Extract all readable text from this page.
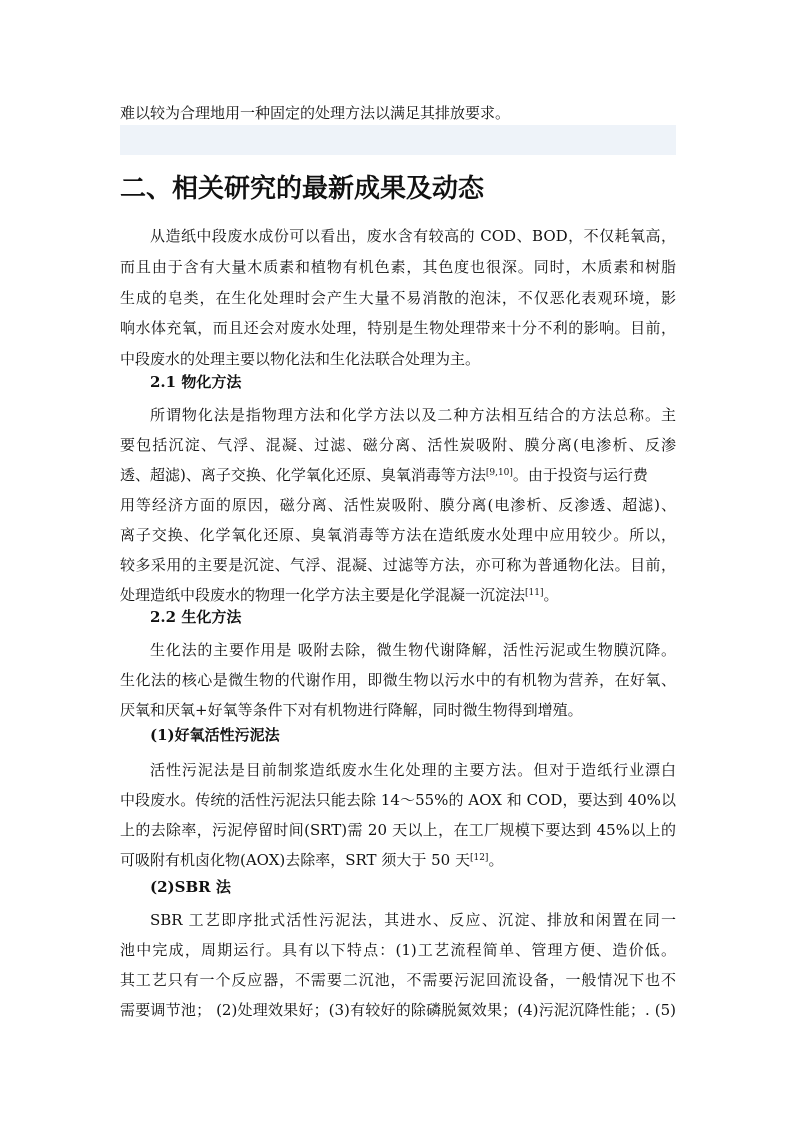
难以较为合理地用一种固定的处理方法以满足其排放要求。
二、相关研究的最新成果及动态
从造纸中段废水成份可以看出，废水含有较高的 COD、BOD，不仅耗氧高，
而且由于含有大量木质素和植物有机色素，其色度也很深。同时，木质素和树脂
生成的皂类，在生化处理时会产生大量不易消散的泡沫，不仅恶化表观环境，影
响水体充氧，而且还会对废水处理，特别是生物处理带来十分不利的影响。目前，
中段废水的处理主要以物化法和生化法联合处理为主。
2.1 物化方法
所谓物化法是指物理方法和化学方法以及二种方法相互结合的方法总称。主
要包括沉淀、气浮、混凝、过滤、磁分离、活性炭吸附、膜分离(电渗析、反渗
透、超滤)、离子交换、化学氧化还原、臭氧消毒等方法[9,10]。由于投资与运行费
用等经济方面的原因，磁分离、活性炭吸附、膜分离(电渗析、反渗透、超滤)、
离子交换、化学氧化还原、臭氧消毒等方法在造纸废水处理中应用较少。所以，
较多采用的主要是沉淀、气浮、混凝、过滤等方法，亦可称为普通物化法。目前，
处理造纸中段废水的物理一化学方法主要是化学混凝一沉淀法[11]。
2.2 生化方法
生化法的主要作用是 吸附去除，微生物代谢降解，活性污泥或生物膜沉降。
生化法的核心是微生物的代谢作用，即微生物以污水中的有机物为营养，在好氧、
厌氧和厌氧+好氧等条件下对有机物进行降解，同时微生物得到增殖。
(1)好氧活性污泥法
活性污泥法是目前制浆造纸废水生化处理的主要方法。但对于造纸行业漂白
中段废水。传统的活性污泥法只能去除 14～55%的 AOX 和 COD，要达到 40%以
上的去除率，污泥停留时间(SRT)需 20 天以上，在工厂规模下要达到 45%以上的
可吸附有机卤化物(AOX)去除率，SRT 须大于 50 天[12]。
(2)SBR 法
SBR 工艺即序批式活性污泥法，其进水、反应、沉淀、排放和闲置在同一
池中完成，周期运行。具有以下特点：(1)工艺流程简单、管理方便、造价低。
其工艺只有一个反应器，不需要二沉池，不需要污泥回流设备，一般情况下也不
需要调节池； (2)处理效果好；(3)有较好的除磷脱氮效果；(4)污泥沉降性能；. (5)
